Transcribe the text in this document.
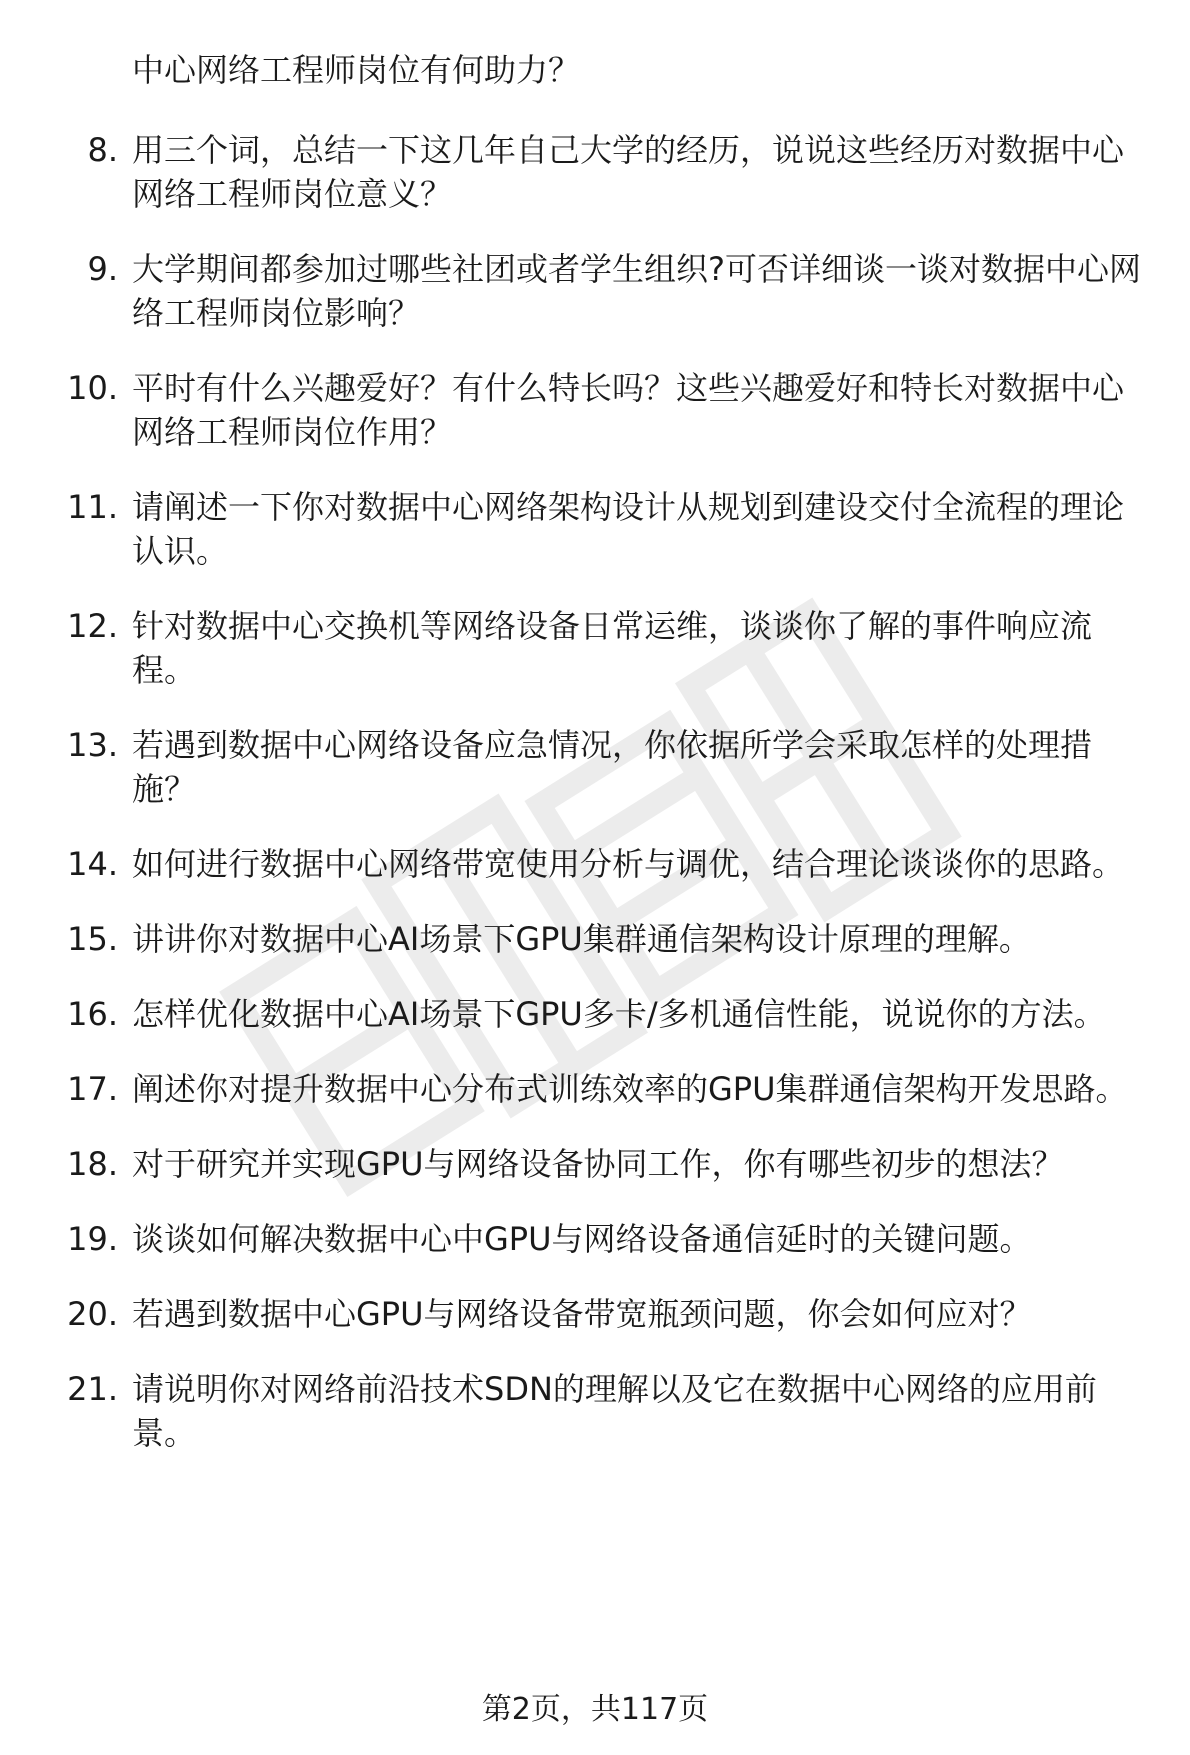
中心网络工程师岗位有何助力？
8. 用三个词，总结一下这几年自己大学的经历，说说这些经历对数据中心网络工程师岗位意义？
9. 大学期间都参加过哪些社团或者学生组织?可否详细谈一谈对数据中心网络工程师岗位影响？
10. 平时有什么兴趣爱好？有什么特长吗？这些兴趣爱好和特长对数据中心网络工程师岗位作用？
11. 请阐述一下你对数据中心网络架构设计从规划到建设交付全流程的理论认识。
12. 针对数据中心交换机等网络设备日常运维，谈谈你了解的事件响应流程。
13. 若遇到数据中心网络设备应急情况，你依据所学会采取怎样的处理措施？
14. 如何进行数据中心网络带宽使用分析与调优，结合理论谈谈你的思路。
15. 讲讲你对数据中心AI场景下GPU集群通信架构设计原理的理解。
16. 怎样优化数据中心AI场景下GPU多卡/多机通信性能，说说你的方法。
17. 阐述你对提升数据中心分布式训练效率的GPU集群通信架构开发思路。
18. 对于研究并实现GPU与网络设备协同工作，你有哪些初步的想法？
19. 谈谈如何解决数据中心中GPU与网络设备通信延时的关键问题。
20. 若遇到数据中心GPU与网络设备带宽瓶颈问题，你会如何应对？
21. 请说明你对网络前沿技术SDN的理解以及它在数据中心网络的应用前景。
第2页，共117页
